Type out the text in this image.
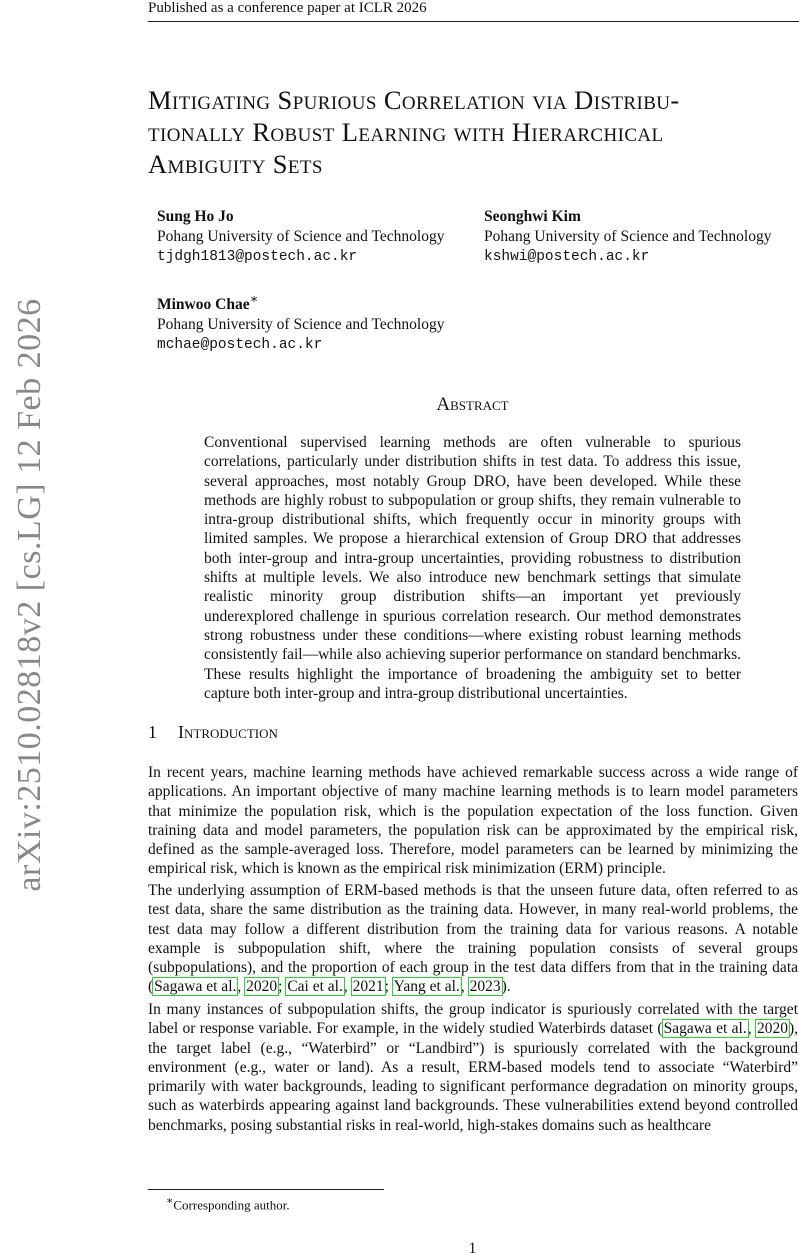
Published as a conference paper at ICLR 2026
arXiv:2510.02818v2 [cs.LG] 12 Feb 2026
Mitigating Spurious Correlation via Distribu-
tionally Robust Learning with Hierarchical
Ambiguity Sets
Sung Ho Jo
Pohang University of Science and Technology
tjdgh1813@postech.ac.kr
Seonghwi Kim
Pohang University of Science and Technology
kshwi@postech.ac.kr
Minwoo Chae∗
Pohang University of Science and Technology
mchae@postech.ac.kr
Abstract
Conventional supervised learning methods are often vulnerable to spurious correlations, particularly under distribution shifts in test data. To address this issue, several approaches, most notably Group DRO, have been developed. While these methods are highly robust to subpopulation or group shifts, they remain vulnerable to intra-group distributional shifts, which frequently occur in minority groups with limited samples. We propose a hierarchical extension of Group DRO that addresses both inter-group and intra-group uncertainties, providing robustness to distribution shifts at multiple levels. We also introduce new benchmark settings that simulate realistic minority group distribution shifts—an important yet previously underexplored challenge in spurious correlation research. Our method demonstrates strong robustness under these conditions—where existing robust learning methods consistently fail—while also achieving superior performance on standard benchmarks. These results highlight the importance of broadening the ambiguity set to better capture both inter-group and intra-group distributional uncertainties.
1 Introduction
In recent years, machine learning methods have achieved remarkable success across a wide range of applications. An important objective of many machine learning methods is to learn model parameters that minimize the population risk, which is the population expectation of the loss function. Given training data and model parameters, the population risk can be approximated by the empirical risk, defined as the sample-averaged loss. Therefore, model parameters can be learned by minimizing the empirical risk, which is known as the empirical risk minimization (ERM) principle.
The underlying assumption of ERM-based methods is that the unseen future data, often referred to as test data, share the same distribution as the training data. However, in many real-world problems, the test data may follow a different distribution from the training data for various reasons. A notable example is subpopulation shift, where the training population consists of several groups (subpopulations), and the proportion of each group in the test data differs from that in the training data (Sagawa et al., 2020; Cai et al., 2021; Yang et al., 2023).
In many instances of subpopulation shifts, the group indicator is spuriously correlated with the target label or response variable. For example, in the widely studied Waterbirds dataset (Sagawa et al., 2020), the target label (e.g., “Waterbird” or “Landbird”) is spuriously correlated with the background environment (e.g., water or land). As a result, ERM-based models tend to associate “Waterbird” primarily with water backgrounds, leading to significant performance degradation on minority groups, such as waterbirds appearing against land backgrounds. These vulnerabilities extend beyond controlled benchmarks, posing substantial risks in real-world, high-stakes domains such as healthcare
∗Corresponding author.
1
